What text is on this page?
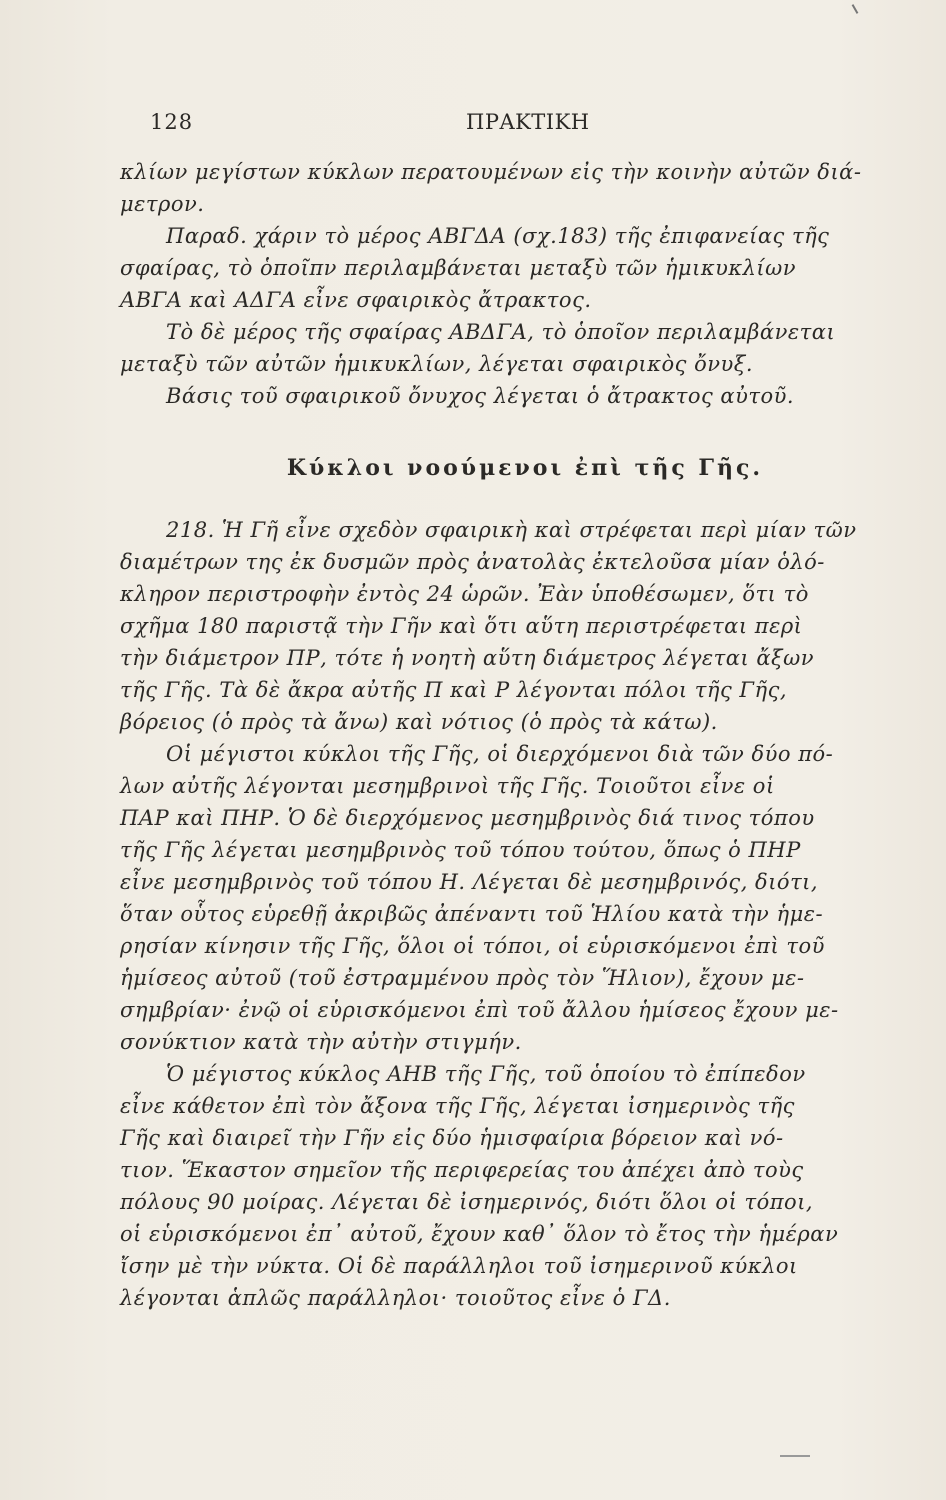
128	ΠΡΑΚΤΙΚΗ
κλίων μεγίστων κύκλων περατουμένων εἰς τὴν κοινὴν αὐτῶν διά-
μετρον.
Παραδ. χάριν τὸ μέρος ΑΒΓΔΑ (σχ.183) τῆς ἐπιφανείας τῆς
σφαίρας, τὸ ὁποῖπν περιλαμβάνεται μεταξὺ τῶν ἡμικυκλίων
ΑΒΓΑ καὶ ΑΔΓΑ εἶνε σφαιρικὸς ἄτρακτος.
Τὸ δὲ μέρος τῆς σφαίρας ΑΒΔΓΑ, τὸ ὁποῖον περιλαμβάνεται
μεταξὺ τῶν αὐτῶν ἡμικυκλίων, λέγεται σφαιρικὸς ὄνυξ.
Βάσις τοῦ σφαιρικοῦ ὄνυχος λέγεται ὁ ἄτρακτος αὐτοῦ.
Κύκλοι νοούμενοι ἐπὶ τῆς Γῆς.
218. Ἡ Γῆ εἶνε σχεδὸν σφαιρικὴ καὶ στρέφεται περὶ μίαν τῶν
διαμέτρων της ἐκ δυσμῶν πρὸς ἀνατολὰς ἐκτελοῦσα μίαν ὁλό-
κληρον περιστροφὴν ἐντὸς 24 ὡρῶν. Ἐὰν ὑποθέσωμεν, ὅτι τὸ
σχῆμα 180 παριστᾷ τὴν Γῆν καὶ ὅτι αὕτη περιστρέφεται περὶ
τὴν διάμετρον ΠΡ, τότε ἡ νοητὴ αὕτη διάμετρος λέγεται ἄξων
τῆς Γῆς. Τὰ δὲ ἄκρα αὐτῆς Π καὶ Ρ λέγονται πόλοι τῆς Γῆς,
βόρειος (ὁ πρὸς τὰ ἄνω) καὶ νότιος (ὁ πρὸς τὰ κάτω).
Οἱ μέγιστοι κύκλοι τῆς Γῆς, οἱ διερχόμενοι διὰ τῶν δύο πό-
λων αὐτῆς λέγονται μεσημβρινοὶ τῆς Γῆς. Τοιοῦτοι εἶνε οἱ
ΠΑΡ καὶ ΠΗΡ. Ὁ δὲ διερχόμενος μεσημβρινὸς διά τινος τόπου
τῆς Γῆς λέγεται μεσημβρινὸς τοῦ τόπου τούτου, ὅπως ὁ ΠΗΡ
εἶνε μεσημβρινὸς τοῦ τόπου Η. Λέγεται δὲ μεσημβρινός, διότι,
ὅταν οὗτος εὑρεθῇ ἀκριβῶς ἀπέναντι τοῦ Ἡλίου κατὰ τὴν ἡμε-
ρησίαν κίνησιν τῆς Γῆς, ὅλοι οἱ τόποι, οἱ εὑρισκόμενοι ἐπὶ τοῦ
ἡμίσεος αὐτοῦ (τοῦ ἐστραμμένου πρὸς τὸν Ἥλιον), ἔχουν με-
σημβρίαν· ἐνῷ οἱ εὑρισκόμενοι ἐπὶ τοῦ ἄλλου ἡμίσεος ἔχουν με-
σονύκτιον κατὰ τὴν αὐτὴν στιγμήν.
Ὁ μέγιστος κύκλος ΑΗΒ τῆς Γῆς, τοῦ ὁποίου τὸ ἐπίπεδον
εἶνε κάθετον ἐπὶ τὸν ἄξονα τῆς Γῆς, λέγεται ἰσημερινὸς τῆς
Γῆς καὶ διαιρεῖ τὴν Γῆν εἰς δύο ἡμισφαίρια βόρειον καὶ νό-
τιον. Ἕκαστον σημεῖον τῆς περιφερείας του ἀπέχει ἀπὸ τοὺς
πόλους 90 μοίρας. Λέγεται δὲ ἰσημερινός, διότι ὅλοι οἱ τόποι,
οἱ εὑρισκόμενοι ἐπ᾽ αὐτοῦ, ἔχουν καθ᾽ ὅλον τὸ ἔτος τὴν ἡμέραν
ἴσην μὲ τὴν νύκτα. Οἱ δὲ παράλληλοι τοῦ ἰσημερινοῦ κύκλοι
λέγονται ἁπλῶς παράλληλοι· τοιοῦτος εἶνε ὁ ΓΔ.
